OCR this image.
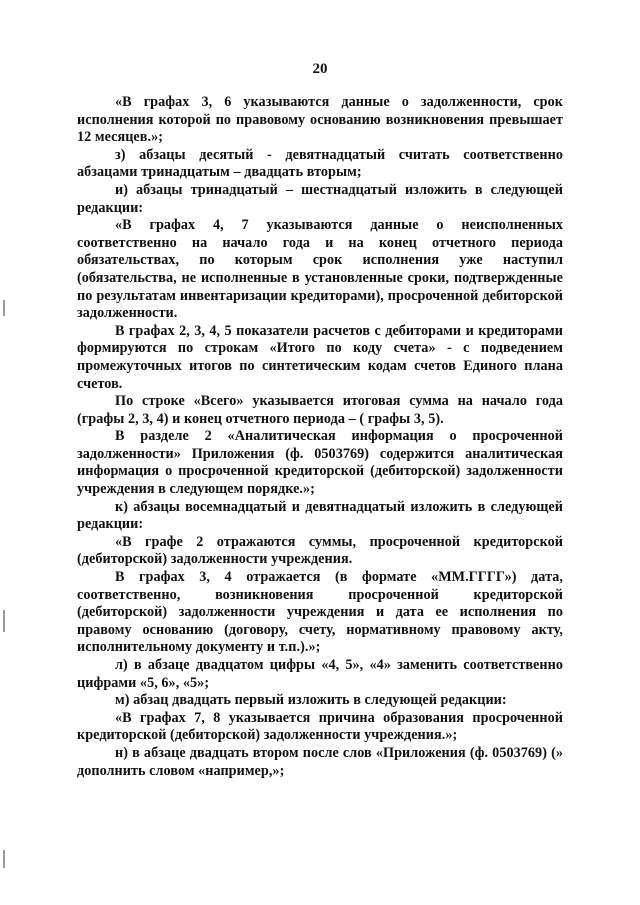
20

«В графах 3, 6 указываются данные о задолженности, срок исполнения которой по правовому основанию возникновения превышает 12 месяцев.»;

з) абзацы десятый - девятнадцатый считать соответственно абзацами тринадцатым – двадцать вторым;

и) абзацы тринадцатый – шестнадцатый изложить в следующей редакции:

«В графах 4, 7 указываются данные о неисполненных соответственно на начало года и на конец отчетного периода обязательствах, по которым срок исполнения уже наступил (обязательства, не исполненные в установленные сроки, подтвержденные по результатам инвентаризации кредиторами), просроченной дебиторской задолженности.

В графах 2, 3, 4, 5 показатели расчетов с дебиторами и кредиторами формируются по строкам «Итого по коду счета» - с подведением промежуточных итогов по синтетическим кодам счетов Единого плана счетов.

По строке «Всего» указывается итоговая сумма на начало года (графы 2, 3, 4) и конец отчетного периода – ( графы 3, 5).

В разделе 2 «Аналитическая информация о просроченной задолженности» Приложения (ф. 0503769) содержится аналитическая информация о просроченной кредиторской (дебиторской) задолженности учреждения в следующем порядке.»;

к) абзацы восемнадцатый и девятнадцатый изложить в следующей редакции:

«В графе 2 отражаются суммы, просроченной кредиторской (дебиторской) задолженности учреждения.

В графах 3, 4 отражается (в формате «ММ.ГГГГ») дата, соответственно, возникновения просроченной кредиторской (дебиторской) задолженности учреждения и дата ее исполнения по правому основанию (договору, счету, нормативному правовому акту, исполнительному документу и т.п.).»;

л) в абзаце двадцатом цифры «4, 5», «4» заменить соответственно цифрами «5, 6», «5»;

м) абзац двадцать первый изложить в следующей редакции:

«В графах 7, 8 указывается причина образования просроченной кредиторской (дебиторской) задолженности учреждения.»;

н) в абзаце двадцать втором после слов «Приложения (ф. 0503769) (» дополнить словом «например,»;
